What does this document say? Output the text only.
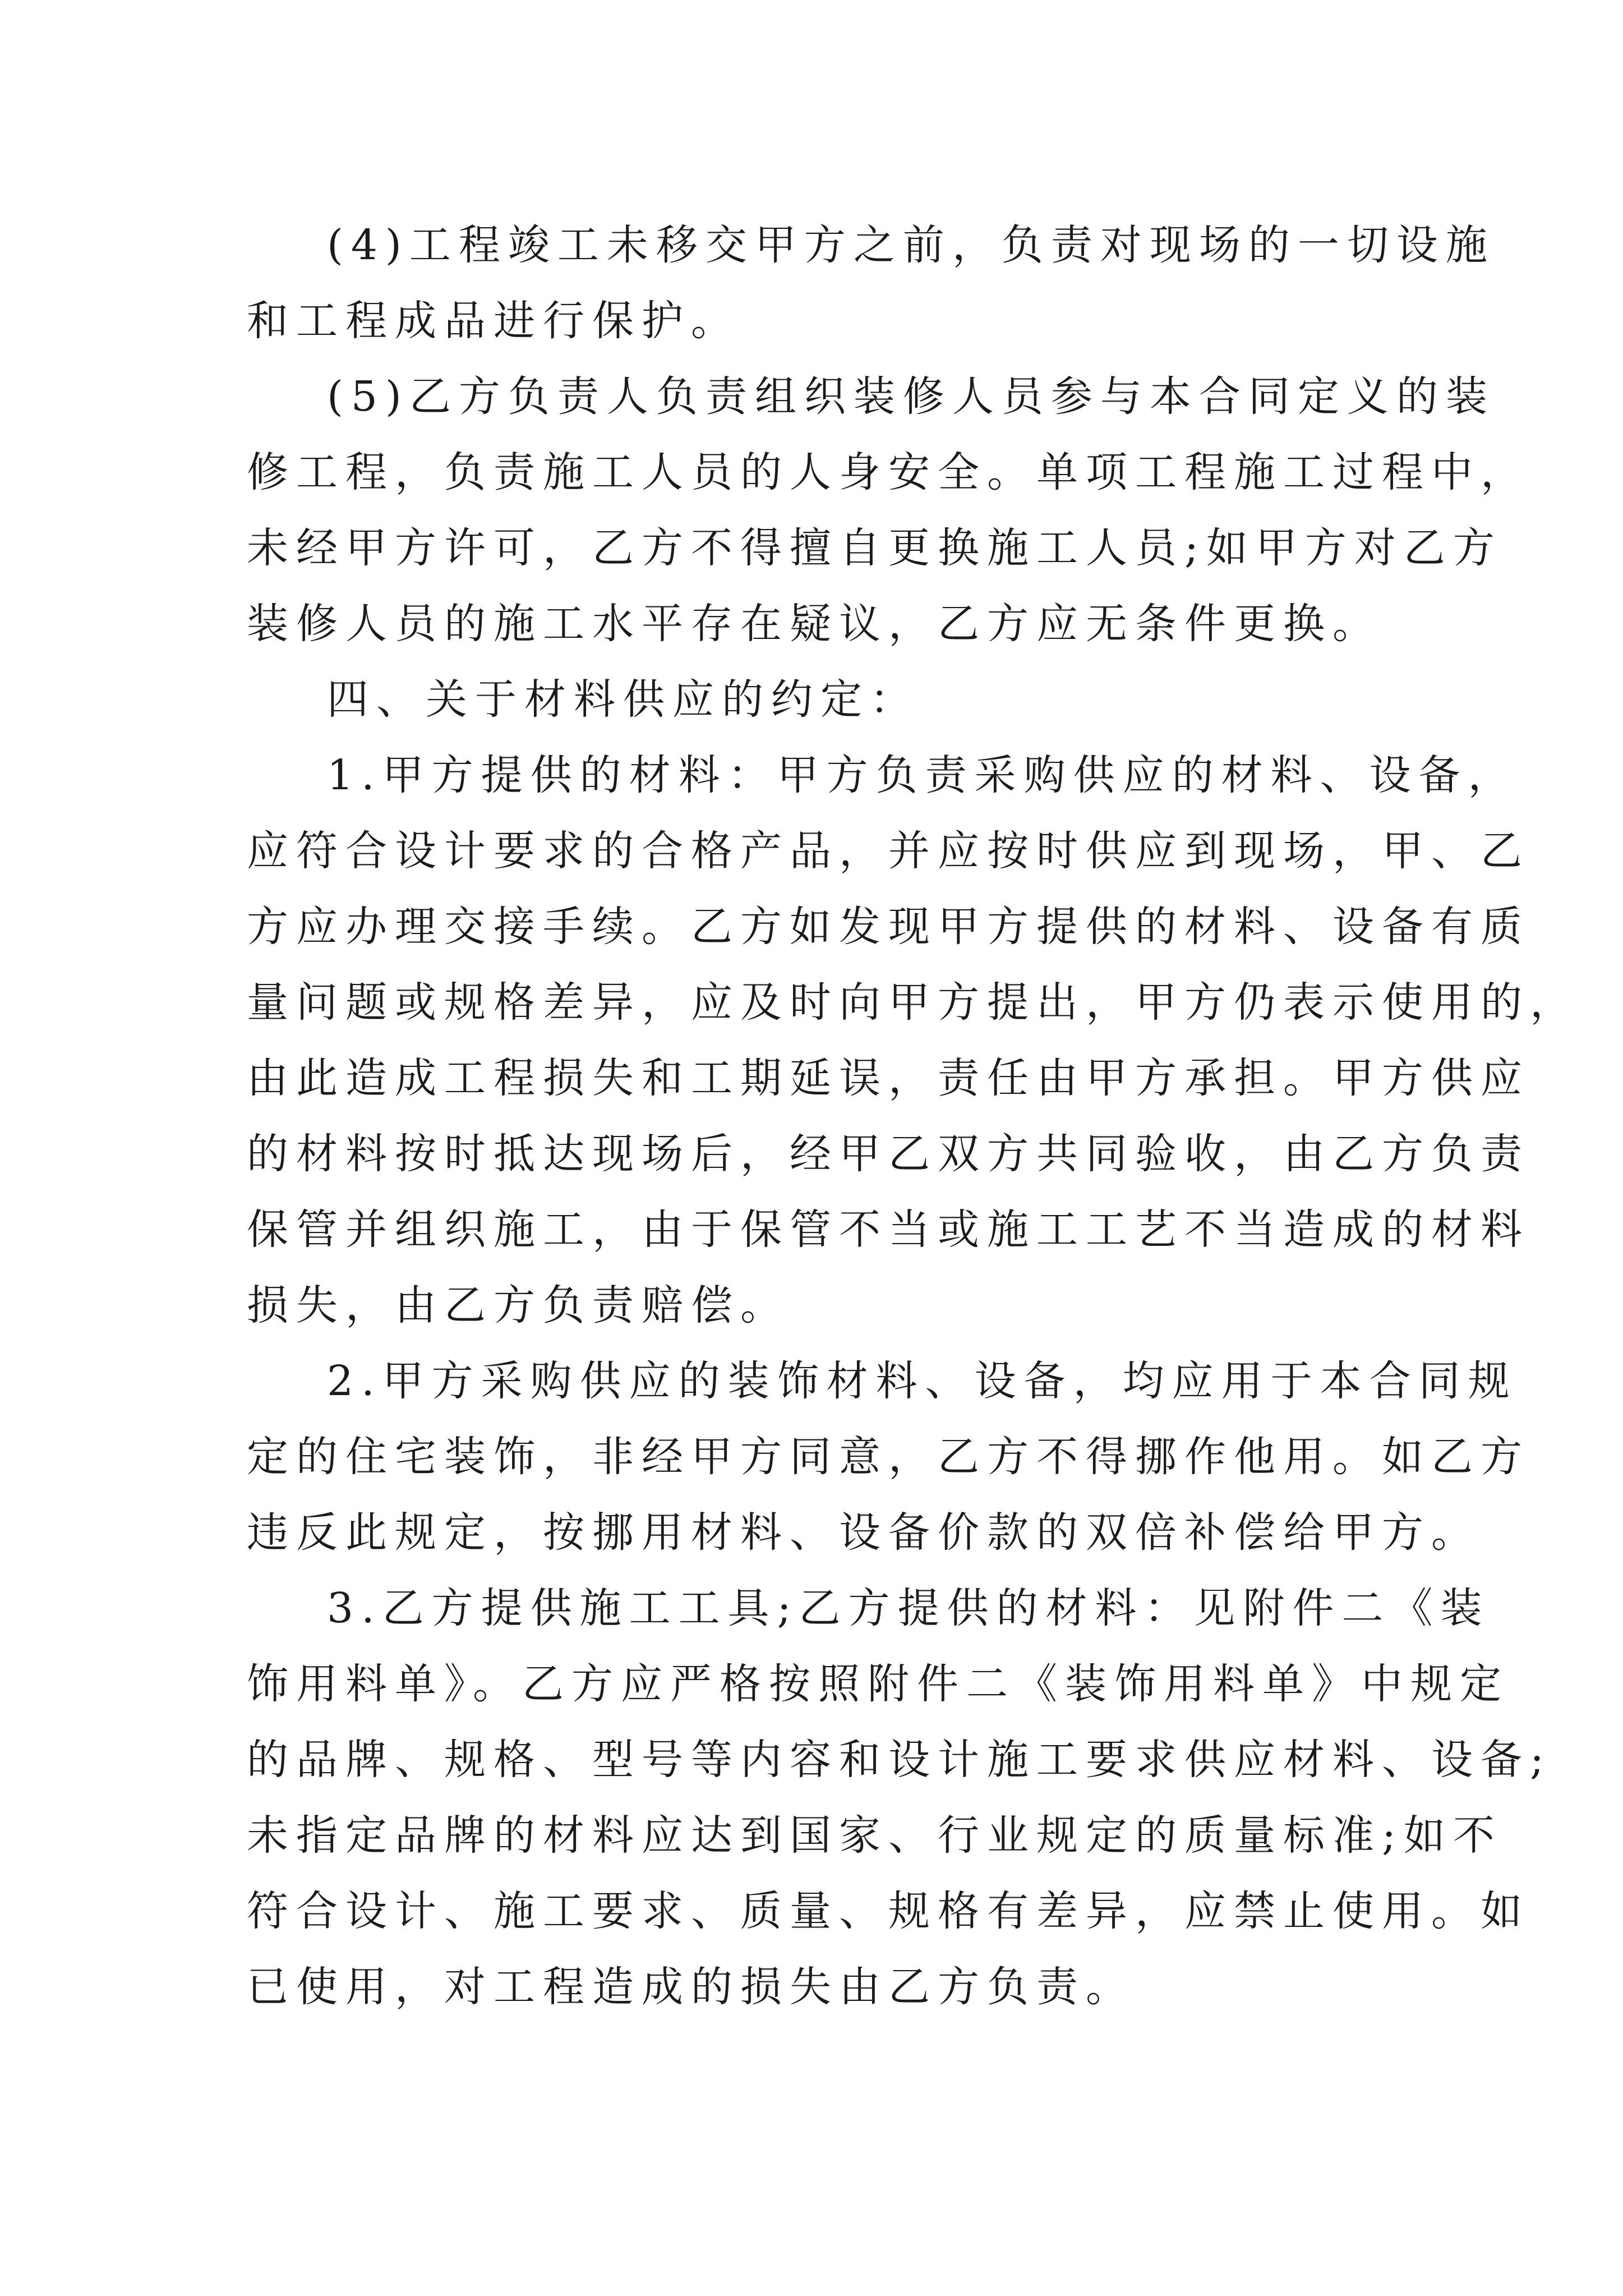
(4)工程竣工未移交甲方之前，负责对现场的一切设施
和工程成品进行保护。
(5)乙方负责人负责组织装修人员参与本合同定义的装
修工程，负责施工人员的人身安全。单项工程施工过程中，
未经甲方许可，乙方不得擅自更换施工人员;如甲方对乙方
装修人员的施工水平存在疑议，乙方应无条件更换。
四、关于材料供应的约定：
1.甲方提供的材料：甲方负责采购供应的材料、设备，
应符合设计要求的合格产品，并应按时供应到现场，甲、乙
方应办理交接手续。乙方如发现甲方提供的材料、设备有质
量问题或规格差异，应及时向甲方提出，甲方仍表示使用的，
由此造成工程损失和工期延误，责任由甲方承担。甲方供应
的材料按时抵达现场后，经甲乙双方共同验收，由乙方负责
保管并组织施工，由于保管不当或施工工艺不当造成的材料
损失，由乙方负责赔偿。
2.甲方采购供应的装饰材料、设备，均应用于本合同规
定的住宅装饰，非经甲方同意，乙方不得挪作他用。如乙方
违反此规定，按挪用材料、设备价款的双倍补偿给甲方。
3.乙方提供施工工具;乙方提供的材料：见附件二《装
饰用料单》。乙方应严格按照附件二《装饰用料单》中规定
的品牌、规格、型号等内容和设计施工要求供应材料、设备;
未指定品牌的材料应达到国家、行业规定的质量标准;如不
符合设计、施工要求、质量、规格有差异，应禁止使用。如
已使用，对工程造成的损失由乙方负责。
